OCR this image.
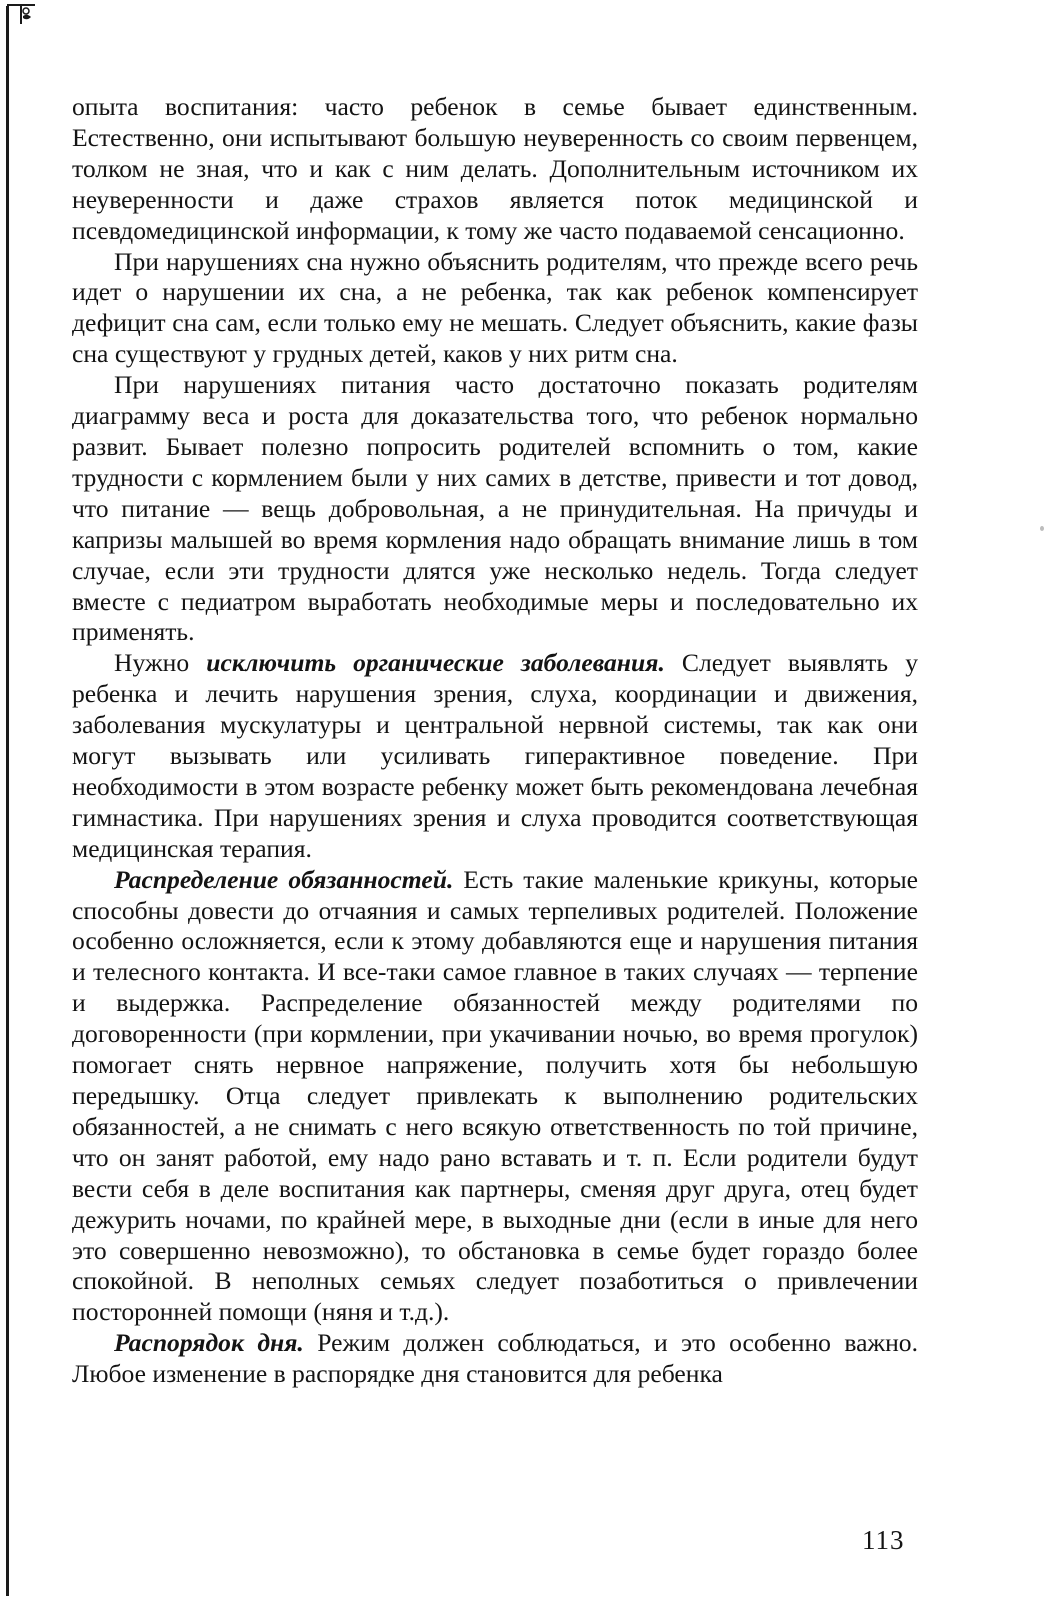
опыта воспитания: часто ребенок в семье бывает единственным. Естественно, они испытывают большую неуверенность со своим первенцем, толком не зная, что и как с ним делать. Дополнительным источником их неуверенности и даже страхов является поток медицинской и псевдомедицинской информации, к тому же часто подаваемой сенсационно.

При нарушениях сна нужно объяснить родителям, что прежде всего речь идет о нарушении их сна, а не ребенка, так как ребенок компенсирует дефицит сна сам, если только ему не мешать. Следует объяснить, какие фазы сна существуют у грудных детей, каков у них ритм сна.

При нарушениях питания часто достаточно показать родителям диаграмму веса и роста для доказательства того, что ребенок нормально развит. Бывает полезно попросить родителей вспомнить о том, какие трудности с кормлением были у них самих в детстве, привести и тот довод, что питание — вещь добровольная, а не принудительная. На причуды и капризы малышей во время кормления надо обращать внимание лишь в том случае, если эти трудности длятся уже несколько недель. Тогда следует вместе с педиатром выработать необходимые меры и последовательно их применять.

Нужно исключить органические заболевания. Следует выявлять у ребенка и лечить нарушения зрения, слуха, координации и движения, заболевания мускулатуры и центральной нервной системы, так как они могут вызывать или усиливать гиперактивное поведение. При необходимости в этом возрасте ребенку может быть рекомендована лечебная гимнастика. При нарушениях зрения и слуха проводится соответствующая медицинская терапия.

Распределение обязанностей. Есть такие маленькие крикуны, которые способны довести до отчаяния и самых терпеливых родителей. Положение особенно осложняется, если к этому добавляются еще и нарушения питания и телесного контакта. И все-таки самое главное в таких случаях — терпение и выдержка. Распределение обязанностей между родителями по договоренности (при кормлении, при укачивании ночью, во время прогулок) помогает снять нервное напряжение, получить хотя бы небольшую передышку. Отца следует привлекать к выполнению родительских обязанностей, а не снимать с него всякую ответственность по той причине, что он занят работой, ему надо рано вставать и т. п. Если родители будут вести себя в деле воспитания как партнеры, сменяя друг друга, отец будет дежурить ночами, по крайней мере, в выходные дни (если в иные для него это совершенно невозможно), то обстановка в семье будет гораздо более спокойной. В неполных семьях следует позаботиться о привлечении посторонней помощи (няня и т.д.).

Распорядок дня. Режим должен соблюдаться, и это особенно важно. Любое изменение в распорядке дня становится для ребенка

113
